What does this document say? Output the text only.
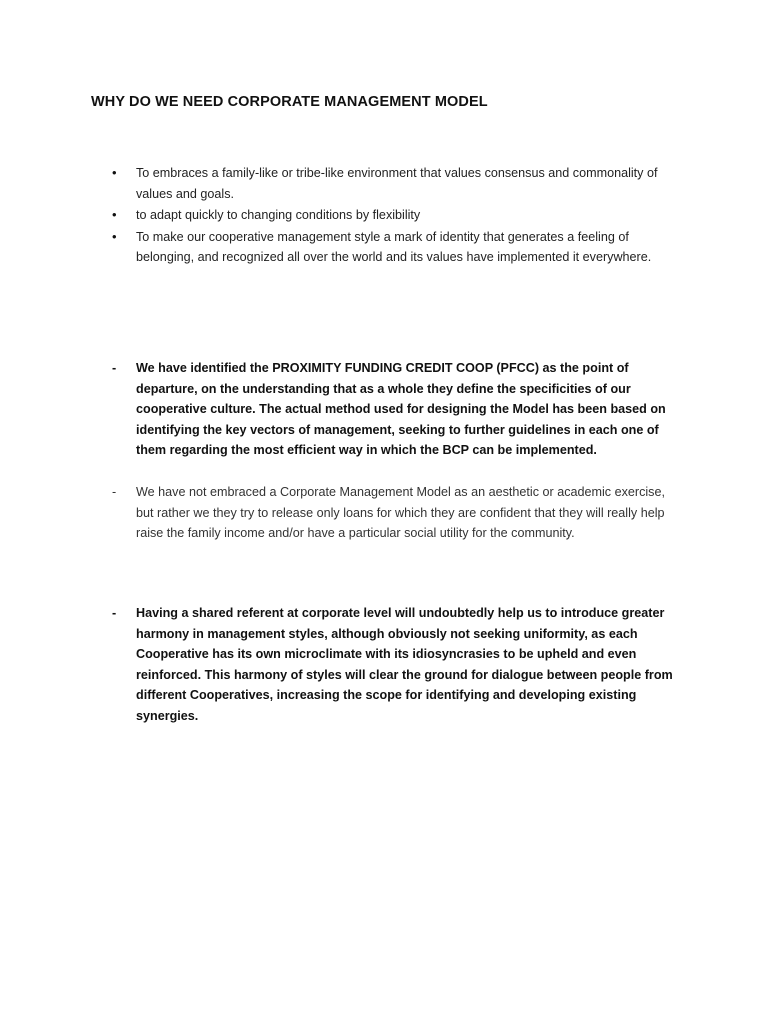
WHY DO WE NEED CORPORATE MANAGEMENT MODEL
• To embraces a family-like or tribe-like environment that values consensus and commonality of values and goals.
• to adapt quickly to changing conditions by flexibility
• To make our cooperative management style a mark of identity that generates a feeling of belonging, and recognized all over the world and its values have implemented it everywhere.
-	We have identified the PROXIMITY FUNDING CREDIT COOP (PFCC) as the point of departure, on the understanding that as a whole they define the specificities of our cooperative culture. The actual method used for designing the Model has been based on identifying the key vectors of management, seeking to further guidelines in each one of them regarding the most efficient way in which the BCP can be implemented.
-	We have not embraced a Corporate Management Model as an aesthetic or academic exercise, but rather we they try to release only loans for which they are confident that they will really help raise the family income and/or have a particular social utility for the community.
-	Having a shared referent at corporate level will undoubtedly help us to introduce greater harmony in management styles, although obviously not seeking uniformity, as each Cooperative has its own microclimate with its idiosyncrasies to be upheld and even reinforced. This harmony of styles will clear the ground for dialogue between people from different Cooperatives, increasing the scope for identifying and developing existing synergies.
